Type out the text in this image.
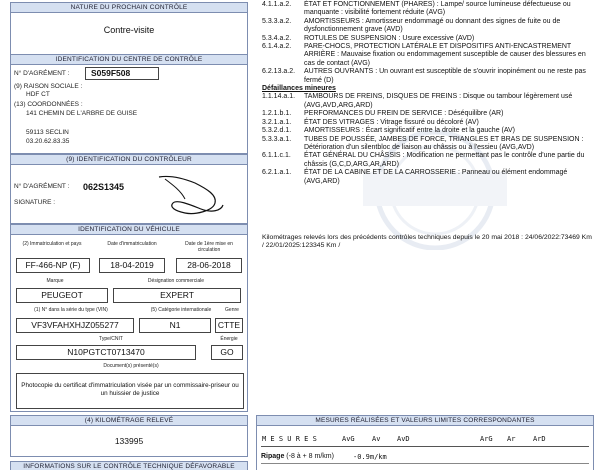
NATURE DU PROCHAIN CONTRÔLE
Contre-visite
IDENTIFICATION DU CENTRE DE CONTRÔLE
N° D'AGRÉMENT :	S059F508
(9) RAISON SOCIALE :
HDF CT
(13) COORDONNÉES :
141 CHEMIN DE L'ARBRE DE GUISE
59113 SECLIN
03.20.62.83.35
(9) IDENTIFICATION DU CONTRÔLEUR
N° D'AGRÉMENT : 062S1345
SIGNATURE :
IDENTIFICATION DU VÉHICULE
(2) Immatriculation et pays	Date d'immatriculation	Date de 1ère mise en circulation
FF-466-NP (F)	18-04-2019	28-06-2018
Marque	Désignation commerciale
PEUGEOT	EXPERT
(1) N° dans la série du type (VIN)	(5) Catégorie internationale	Genre
VF3VFAHXHJZ055277	N1	CTTE
Type/CNIT	Énergie
N10PGTCT0713470	GO
Document(s) présenté(s)
Photocopie du certificat d'immatriculation visée par un commissaire-priseur ou un huissier de justice
(4) KILOMÉTRAGE RELEVÉ
133995
INFORMATIONS SUR LE CONTRÔLE TECHNIQUE DÉFAVORABLE
4.1.1.a.2. ÉTAT ET FONCTIONNEMENT (PHARES) : Lampe/ source lumineuse défectueuse ou manquante : visibilité fortement réduite (AVG)
5.3.3.a.2. AMORTISSEURS : Amortisseur endommagé ou donnant des signes de fuite ou de dysfonctionnement grave (AVD)
5.3.4.a.2. ROTULES DE SUSPENSION : Usure excessive (AVD)
6.1.4.a.2. PARE-CHOCS, PROTECTION LATÉRALE ET DISPOSITIFS ANTI-ENCASTREMENT ARRIÈRE : Mauvaise fixation ou endommagement susceptible de causer des blessures en cas de contact (AVG)
6.2.13.a.2. AUTRES OUVRANTS : Un ouvrant est susceptible de s'ouvrir inopinément ou ne reste pas fermé (D)
Défaillances mineures
1.1.14.a.1. TAMBOURS DE FREINS, DISQUES DE FREINS : Disque ou tambour légèrement usé (AVG,AVD,ARG,ARD)
1.2.1.b.1. PERFORMANCES DU FREIN DE SERVICE : Déséquilibre (AR)
3.2.1.a.1. ÉTAT DES VITRAGES : Vitrage fissuré ou décoloré (AV)
5.3.2.d.1. AMORTISSEURS : Écart significatif entre la droite et la gauche (AV)
5.3.3.a.1. TUBES DE POUSSÉE, JAMBES DE FORCE, TRIANGLES ET BRAS DE SUSPENSION : Détérioration d'un silentbloc de liaison au châssis ou à l'essieu (AVG,AVD)
6.1.1.c.1. ÉTAT GÉNÉRAL DU CHÂSSIS : Modification ne permettant pas le contrôle d'une partie du châssis (G,C,D,ARG,AR,ARD)
6.2.1.a.1. ÉTAT DE LA CABINE ET DE LA CARROSSERIE : Panneau ou élément endommagé (AVG,ARD)
Kilométrages relevés lors des précédents contrôles techniques depuis le 20 mai 2018 : 24/06/2022:73469 Km / 22/01/2025:123345 Km /
MESURES RÉALISÉES ET VALEURS LIMITES CORRESPONDANTES
M E S U R E S	AvG Av AvD	ArG Ar	ArD
Ripage (-8 à + 8 m/km)	-0.9m/km
